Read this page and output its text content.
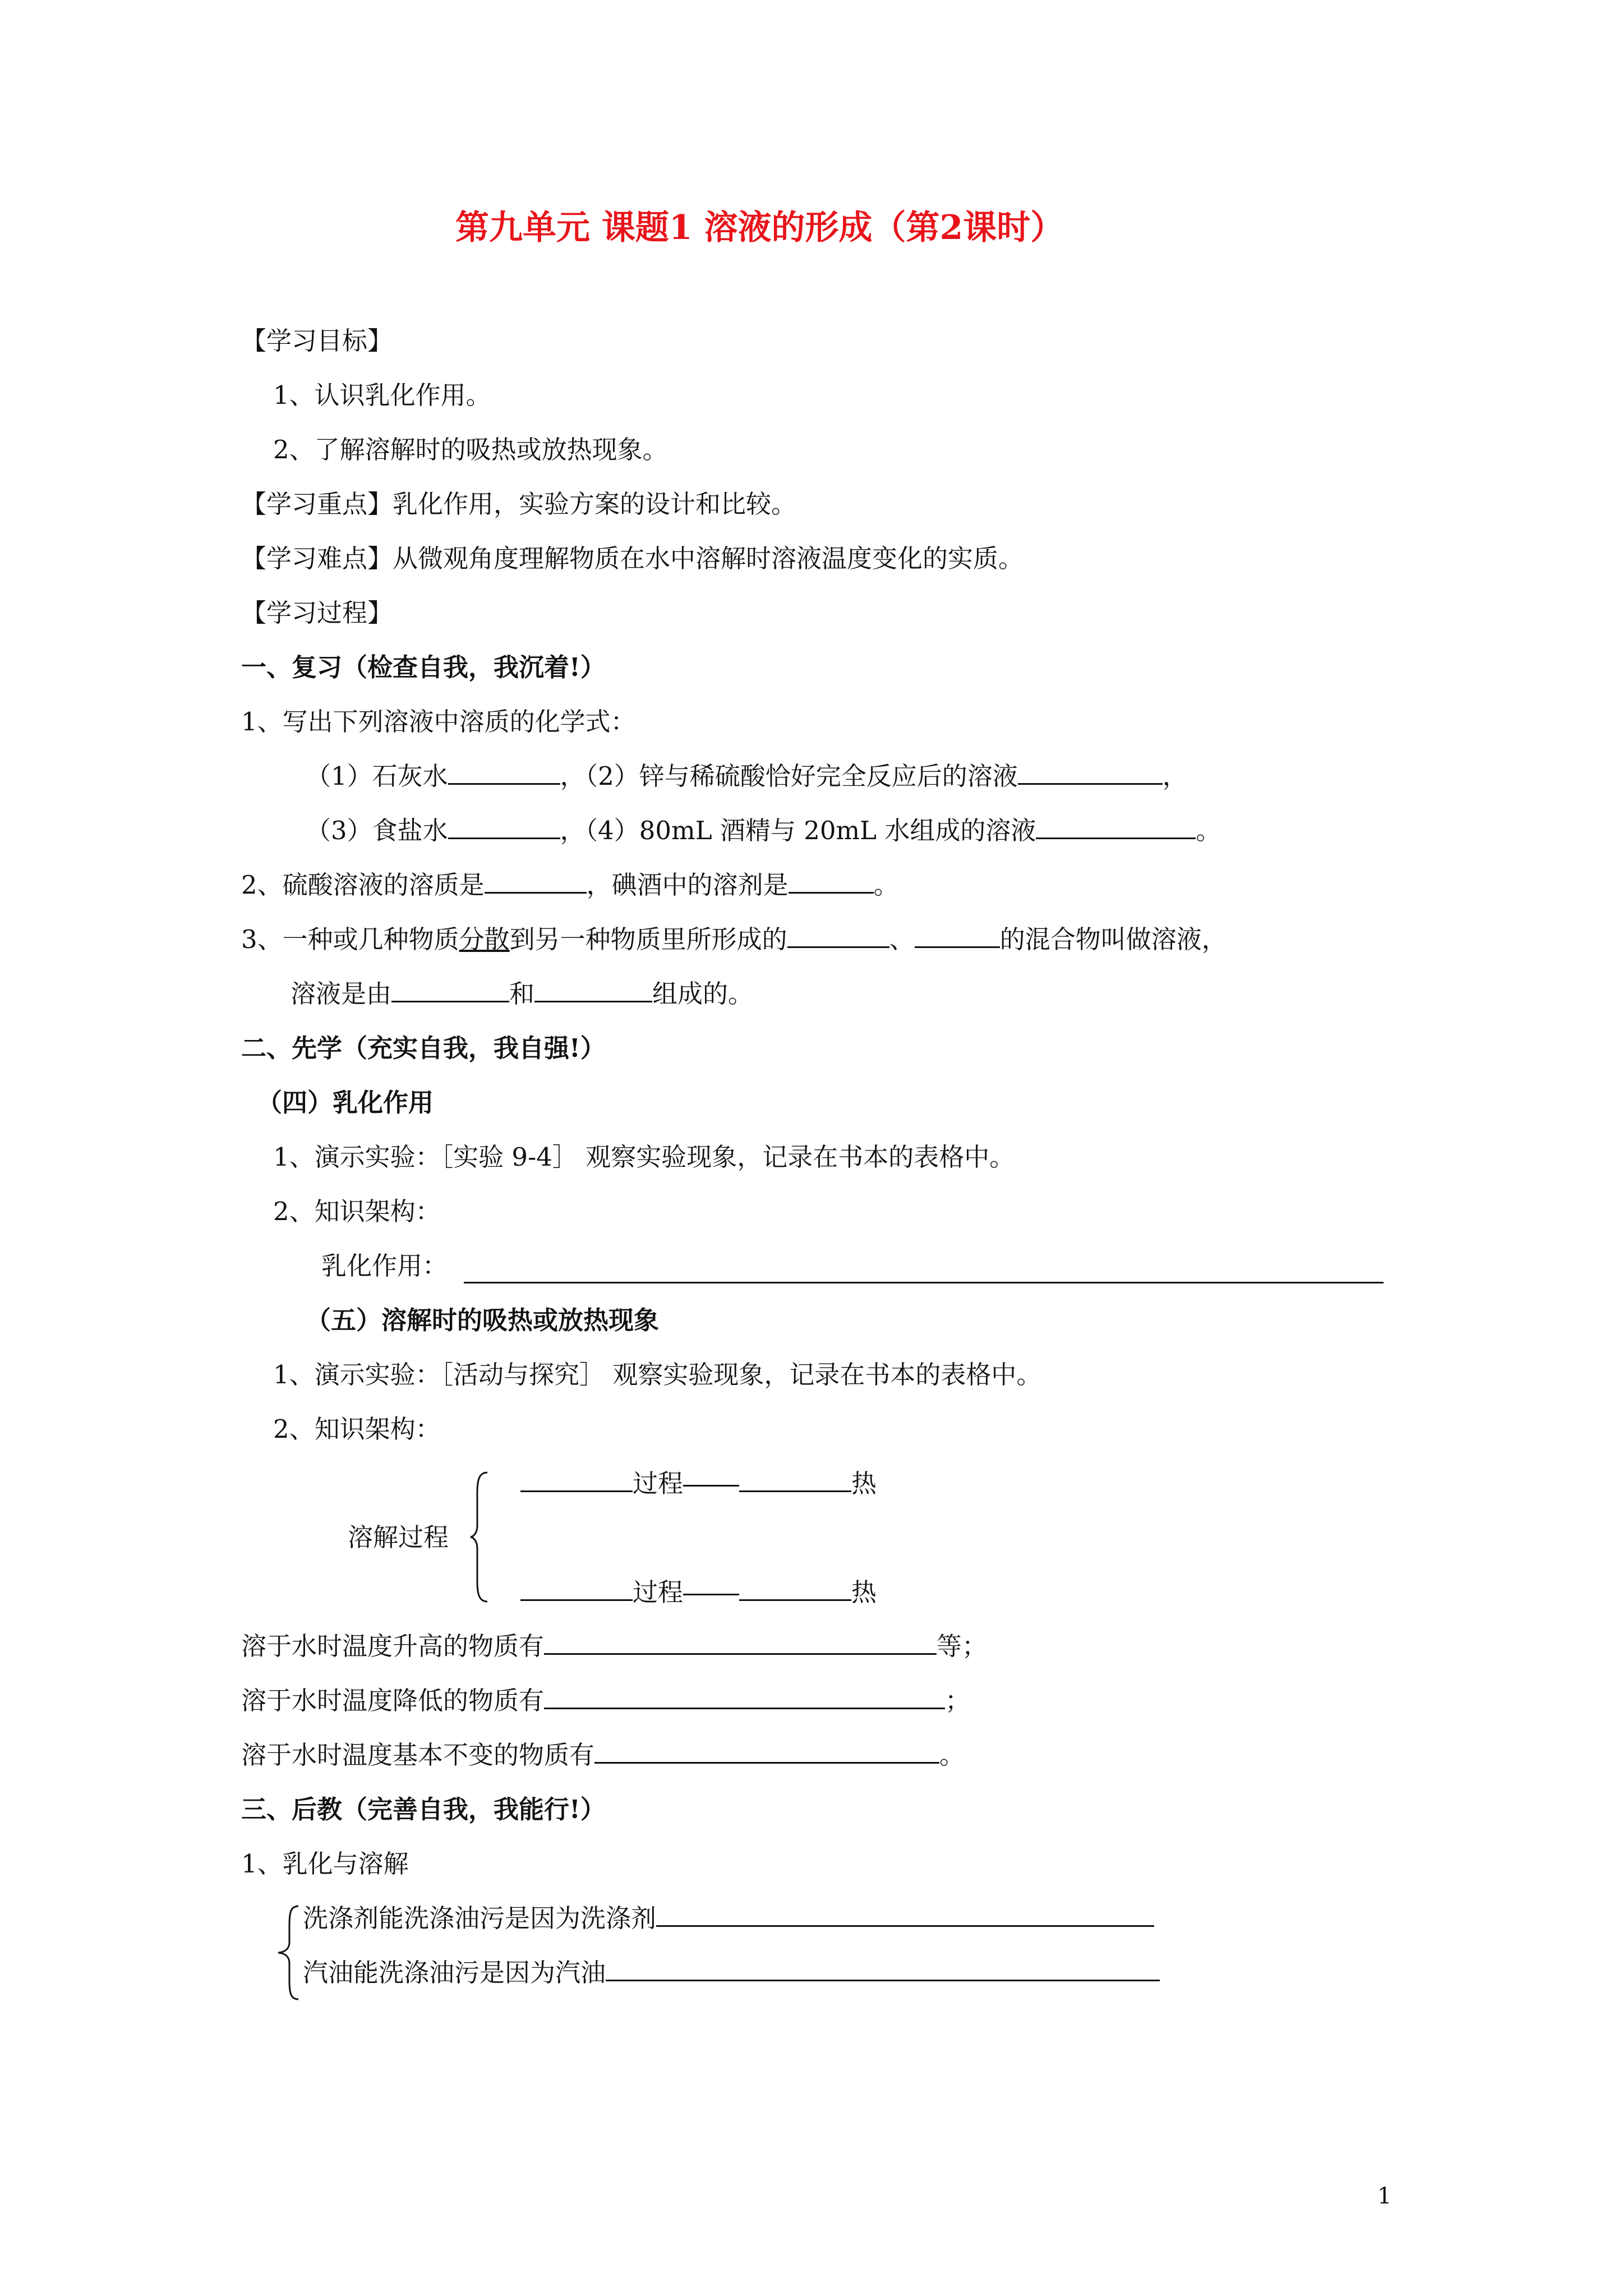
第九单元 课题1 溶液的形成（第2课时）
【学习目标】
1、认识乳化作用。
2、了解溶解时的吸热或放热现象。
【学习重点】乳化作用，实验方案的设计和比较。
【学习难点】从微观角度理解物质在水中溶解时溶液温度变化的实质。
【学习过程】
一、复习（检查自我，我沉着!）
1、写出下列溶液中溶质的化学式：
（1）石灰水	，（2）锌与稀硫酸恰好完全反应后的溶液	，
（3）食盐水	，（4）80mL 酒精与 20mL 水组成的溶液	。
2、硫酸溶液的溶质是	，碘酒中的溶剂是	。
3、一种或几种物质分散到另一种物质里所形成的	、	的混合物叫做溶液，
溶液是由	和	组成的。
二、先学（充实自我，我自强!）
（四）乳化作用
1、演示实验：［实验 9-4］ 观察实验现象，记录在书本的表格中。
2、知识架构：
乳化作用：
（五）溶解时的吸热或放热现象
1、演示实验：［活动与探究］ 观察实验现象，记录在书本的表格中。
2、知识架构：
溶解过程
过程	热
过程	热
溶于水时温度升高的物质有	等；
溶于水时温度降低的物质有	；
溶于水时温度基本不变的物质有	。
三、后教（完善自我，我能行!）
1、乳化与溶解
洗涤剂能洗涤油污是因为洗涤剂
汽油能洗涤油污是因为汽油
1
